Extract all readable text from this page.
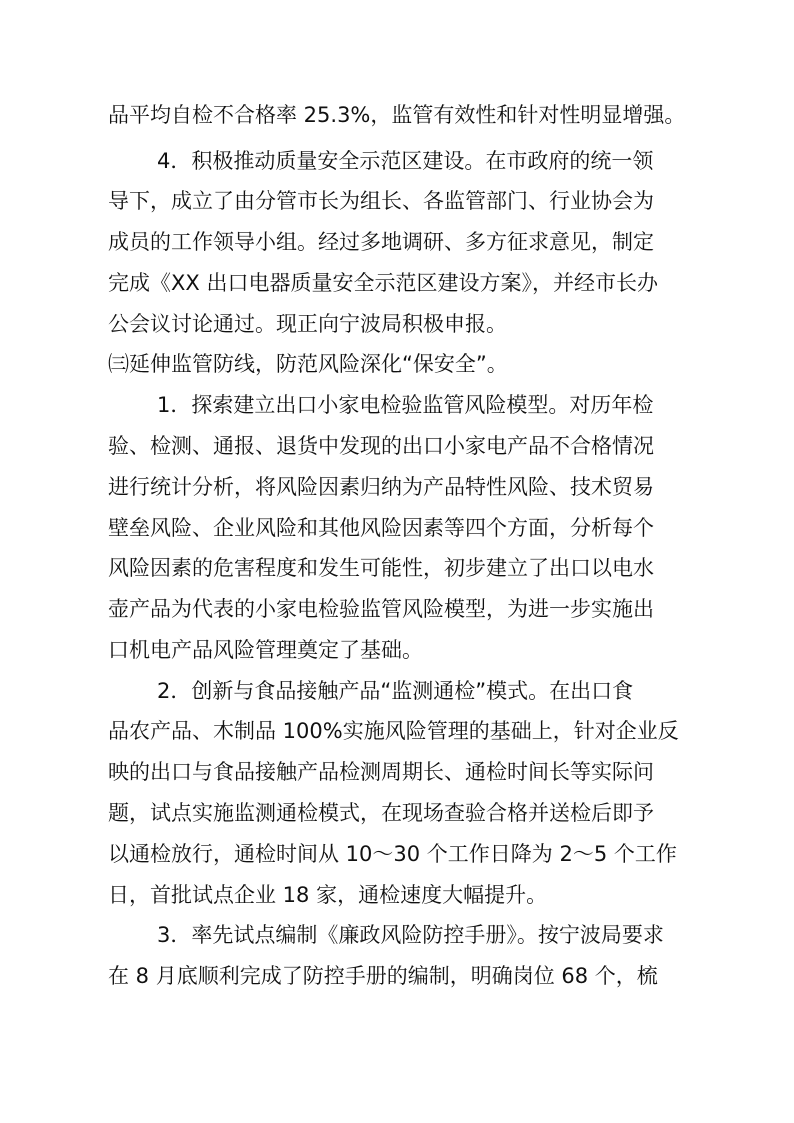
品平均自检不合格率 25.3%，监管有效性和针对性明显增强。
4．积极推动质量安全示范区建设。在市政府的统一领
导下，成立了由分管市长为组长、各监管部门、行业协会为
成员的工作领导小组。经过多地调研、多方征求意见，制定
完成《XX 出口电器质量安全示范区建设方案》，并经市长办
公会议讨论通过。现正向宁波局积极申报。
㈢延伸监管防线，防范风险深化“保安全”。
1．探索建立出口小家电检验监管风险模型。对历年检
验、检测、通报、退货中发现的出口小家电产品不合格情况
进行统计分析，将风险因素归纳为产品特性风险、技术贸易
壁垒风险、企业风险和其他风险因素等四个方面，分析每个
风险因素的危害程度和发生可能性，初步建立了出口以电水
壶产品为代表的小家电检验监管风险模型，为进一步实施出
口机电产品风险管理奠定了基础。
2．创新与食品接触产品“监测通检”模式。在出口食
品农产品、木制品 100%实施风险管理的基础上，针对企业反
映的出口与食品接触产品检测周期长、通检时间长等实际问
题，试点实施监测通检模式，在现场查验合格并送检后即予
以通检放行，通检时间从 10～30 个工作日降为 2～5 个工作
日，首批试点企业 18 家，通检速度大幅提升。
3．率先试点编制《廉政风险防控手册》。按宁波局要求
在 8 月底顺利完成了防控手册的编制，明确岗位 68 个，梳
